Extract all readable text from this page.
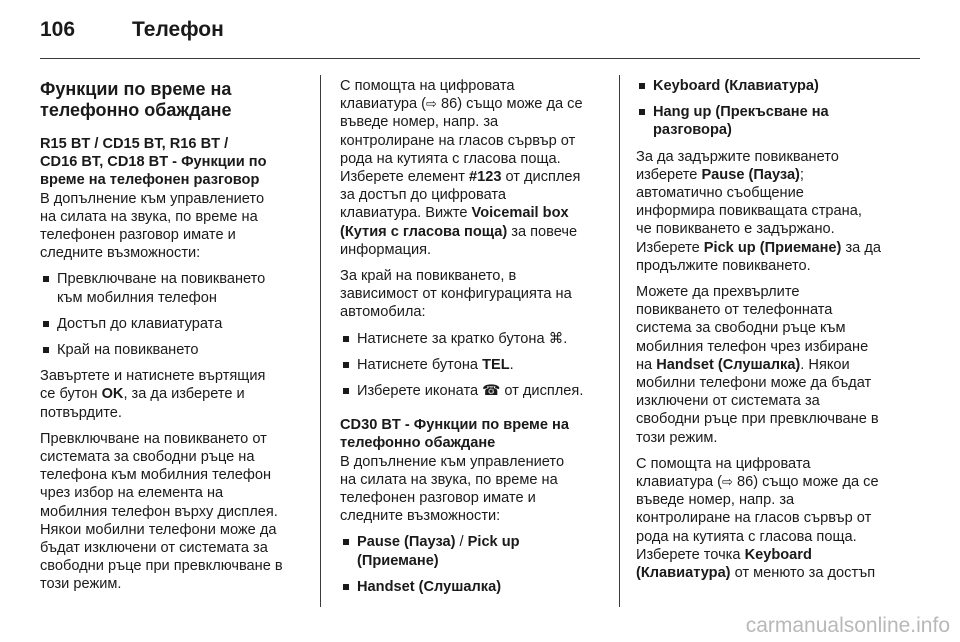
106	Телефон
Функции по време на
телефонно обаждане
R15 BT / CD15 BT, R16 BT /
CD16 BT, CD18 BT - Функции по
време на телефонен разговор

В допълнение към управлението
на силата на звука, по време на
телефонен разговор имате и
следните възможности:

Превключване на повикването
към мобилния телефон
Достъп до клавиатурата
Край на повикването

Завъртете и натиснете въртящия
се бутон OK, за да изберете и
потвърдите.

Превключване на повикването от
системата за свободни ръце на
телефона към мобилния телефон
чрез избор на елемента на
мобилния телефон върху дисплея.
Някои мобилни телефони може да
бъдат изключени от системата за
свободни ръце при превключване в
този режим.

С помощта на цифровата
клавиатура (⇨ 86) също може да се
въведе номер, напр. за
контролиране на гласов сървър от
рода на кутията с гласова поща.
Изберете елемент #123 от дисплея
за достъп до цифровата
клавиатура. Вижте Voicemail box
(Кутия с гласова поща) за повече
информация.

За край на повикването, в
зависимост от конфигурацията на
автомобила:

Натиснете за кратко бутона ⌘.
Натиснете бутона TEL.
Изберете иконата ☎ от дисплея.
CD30 BT - Функции по време на
телефонно обаждане

В допълнение към управлението
на силата на звука, по време на
телефонен разговор имате и
следните възможности:

Pause (Пауза) / Pick up
(Приемане)
Handset (Слушалка)
Keyboard (Клавиатура)
Hang up (Прекъсване на
разговора)

За да задържите повикването
изберете Pause (Пауза);
автоматично съобщение
информира повикващата страна,
че повикването е задържано.
Изберете Pick up (Приемане) за да
продължите повикването.

Можете да прехвърлите
повикването от телефонната
система за свободни ръце към
мобилния телефон чрез избиране
на Handset (Слушалка). Някои
мобилни телефони може да бъдат
изключени от системата за
свободни ръце при превключване в
този режим.

С помощта на цифровата
клавиатура (⇨ 86) също може да се
въведе номер, напр. за
контролиране на гласов сървър от
рода на кутията с гласова поща.
Изберете точка Keyboard
(Клавиатура) от менюто за достъп

carmanualsonline.info
